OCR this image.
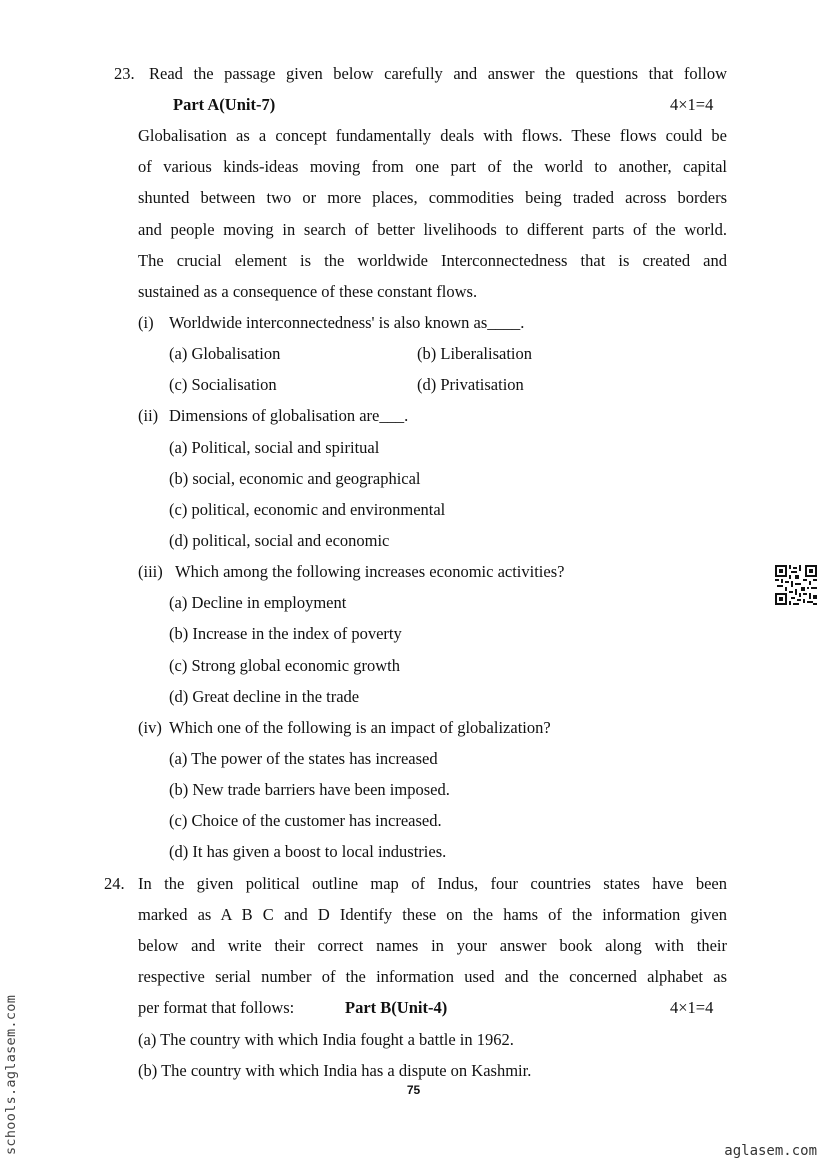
23. Read the passage given below carefully and answer the questions that follow
Part A(Unit-7)	4×1=4
Globalisation as a concept fundamentally deals with flows. These flows could be
of various kinds-ideas moving from one part of the world to another, capital
shunted between two or more places, commodities being traded across borders
and people moving in search of better livelihoods to different parts of the world.
The crucial element is the worldwide Interconnectedness that is created and
sustained as a consequence of these constant flows.
(i) Worldwide interconnectedness' is also known as____.
(a) Globalisation	(b) Liberalisation
(c) Socialisation	(d) Privatisation
(ii) Dimensions of globalisation are___.
(a) Political, social and spiritual
(b) social, economic and geographical
(c) political, economic and environmental
(d) political, social and economic
(iii) Which among the following increases economic activities?
(a) Decline in employment
(b) Increase in the index of poverty
(c) Strong global economic growth
(d) Great decline in the trade
(iv) Which one of the following is an impact of globalization?
(a) The power of the states has increased
(b) New trade barriers have been imposed.
(c) Choice of the customer has increased.
(d) It has given a boost to local industries.
24. In the given political outline map of Indus, four countries states have been
marked as A B C and D Identify these on the hams of the information given
below and write their correct names in your answer book along with their
respective serial number of the information used and the concerned alphabet as
per format that follows:	Part B(Unit-4)	4×1=4
(a) The country with which India fought a battle in 1962.
(b) The country with which India has a dispute on Kashmir.
75
schools.aglasem.com	aglasem.com
